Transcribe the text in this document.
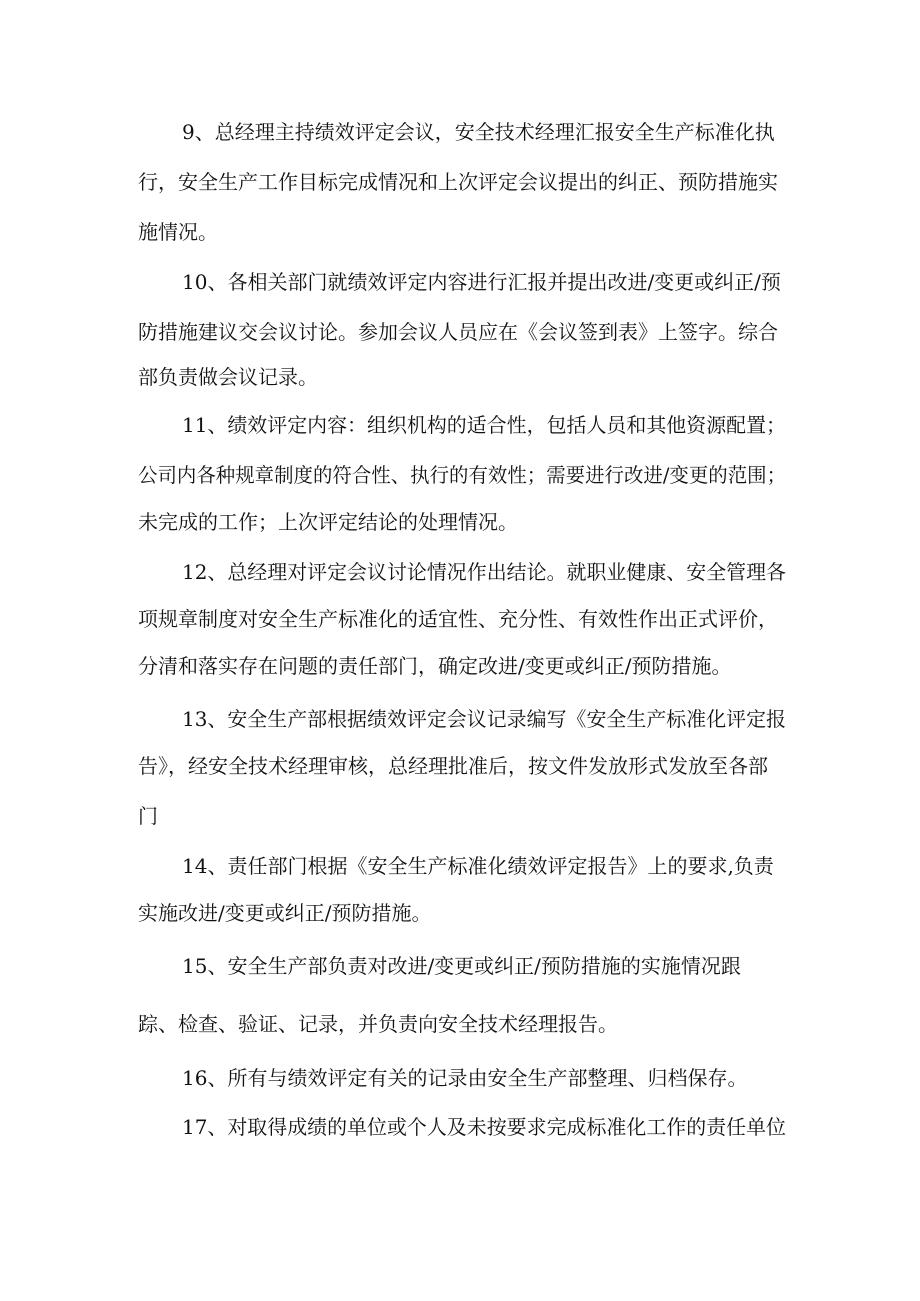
9、总经理主持绩效评定会议，安全技术经理汇报安全生产标准化执
行，安全生产工作目标完成情况和上次评定会议提出的纠正、预防措施实
施情况。
10、各相关部门就绩效评定内容进行汇报并提出改进/变更或纠正/预
防措施建议交会议讨论。参加会议人员应在《会议签到表》上签字。综合
部负责做会议记录。
11、绩效评定内容：组织机构的适合性，包括人员和其他资源配置；
公司内各种规章制度的符合性、执行的有效性；需要进行改进/变更的范围；
未完成的工作；上次评定结论的处理情况。
12、总经理对评定会议讨论情况作出结论。就职业健康、安全管理各
项规章制度对安全生产标准化的适宜性、充分性、有效性作出正式评价，
分清和落实存在问题的责任部门，确定改进/变更或纠正/预防措施。
13、安全生产部根据绩效评定会议记录编写《安全生产标准化评定报
告》，经安全技术经理审核，总经理批准后，按文件发放形式发放至各部
门
14、责任部门根据《安全生产标准化绩效评定报告》上的要求,负责
实施改进/变更或纠正/预防措施。
15、安全生产部负责对改进/变更或纠正/预防措施的实施情况跟
踪、检查、验证、记录，并负责向安全技术经理报告。
16、所有与绩效评定有关的记录由安全生产部整理、归档保存。
17、对取得成绩的单位或个人及未按要求完成标准化工作的责任单位
